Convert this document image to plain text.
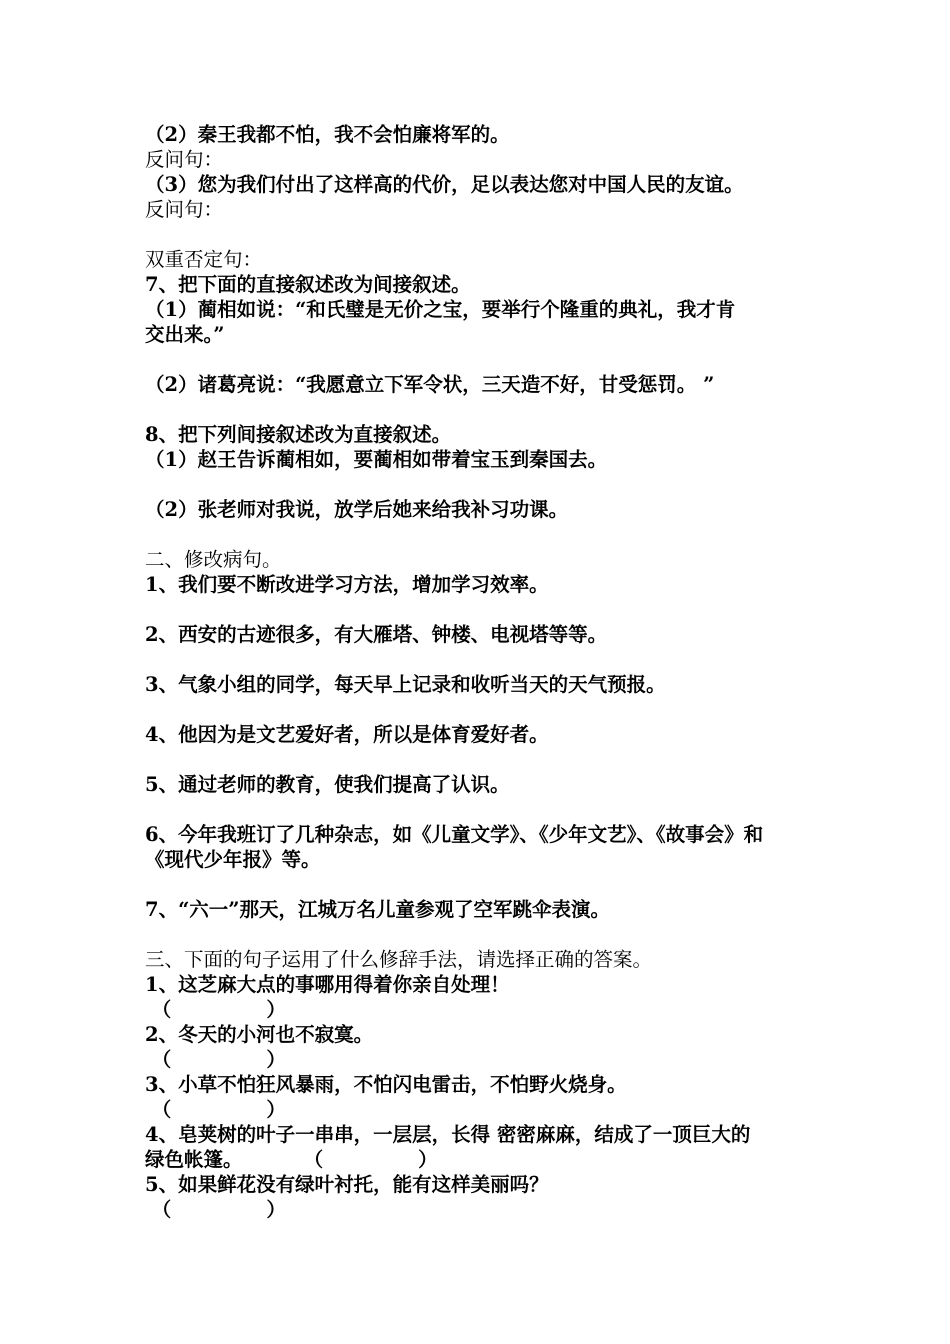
（2）秦王我都不怕，我不会怕廉将军的。

反问句：

（3）您为我们付出了这样高的代价，足以表达您对中国人民的友谊。

反问句：

双重否定句：

7、把下面的直接叙述改为间接叙述。

（1）蔺相如说：“和氏璧是无价之宝，要举行个隆重的典礼，我才肯

交出来。”

（2）诸葛亮说：“我愿意立下军令状，三天造不好，甘受惩罚。 ”

8、把下列间接叙述改为直接叙述。

（1）赵王告诉蔺相如，要蔺相如带着宝玉到秦国去。

（2）张老师对我说，放学后她来给我补习功课。

二、修改病句。

1、我们要不断改进学习方法，增加学习效率。

2、西安的古迹很多，有大雁塔、钟楼、电视塔等等。

3、气象小组的同学，每天早上记录和收听当天的天气预报。

4、他因为是文艺爱好者，所以是体育爱好者。

5、通过老师的教育，使我们提高了认识。

6、今年我班订了几种杂志，如《儿童文学》、《少年文艺》、《故事会》和

《现代少年报》等。

7、“六一”那天，江城万名儿童参观了空军跳伞表演。

三、下面的句子运用了什么修辞手法，请选择正确的答案。

1、这芝麻大点的事哪用得着你亲自处理！

（              ）

2、冬天的小河也不寂寞。

（              ）

3、小草不怕狂风暴雨，不怕闪电雷击，不怕野火烧身。

（              ）

4、皂荚树的叶子一串串，一层层，长得 密密麻麻，结成了一顶巨大的

绿色帐篷。         （              ）

5、如果鲜花没有绿叶衬托，能有这样美丽吗？

（              ）
